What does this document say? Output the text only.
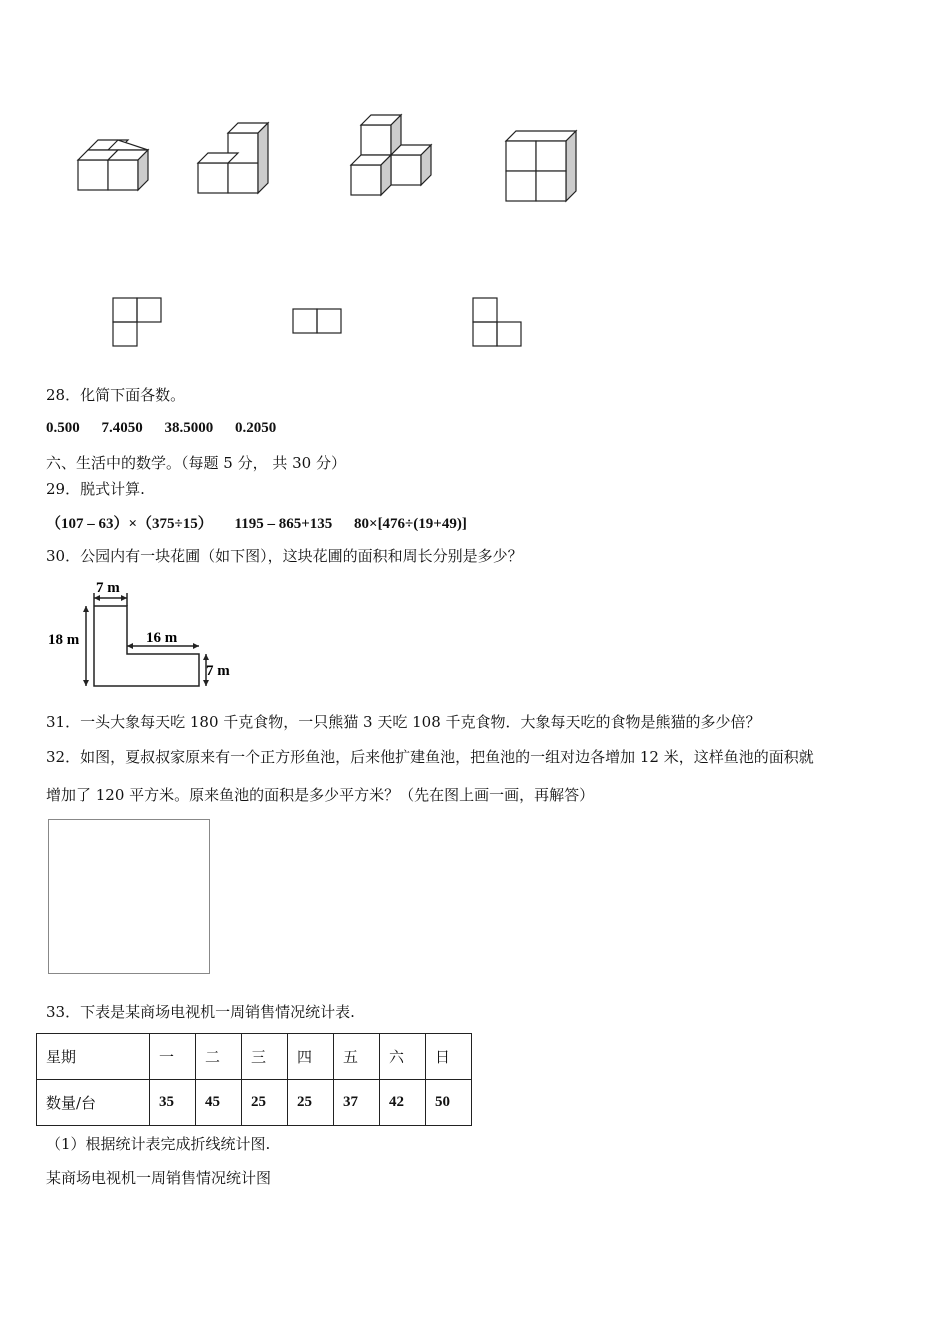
28．化简下面各数。
0.500 7.4050 38.5000 0.2050
六、生活中的数学。（每题 5 分， 共 30 分）
29．脱式计算.
（107 – 63）×（375÷15） 1195 – 865+135 80×[476÷(19+49)]
30．公园内有一块花圃（如下图），这块花圃的面积和周长分别是多少？
7 m
18 m	16 m
7 m
31．一头大象每天吃 180 千克食物，一只熊猫 3 天吃 108 千克食物．大象每天吃的食物是熊猫的多少倍？
32．如图，夏叔叔家原来有一个正方形鱼池，后来他扩建鱼池，把鱼池的一组对边各增加 12 米，这样鱼池的面积就
增加了 120 平方米。原来鱼池的面积是多少平方米？（先在图上画一画，再解答）
33．下表是某商场电视机一周销售情况统计表.
星期	一	二	三	四	五	六	日
数量/台	35	45	25	25	37	42	50
（1）根据统计表完成折线统计图.
某商场电视机一周销售情况统计图
